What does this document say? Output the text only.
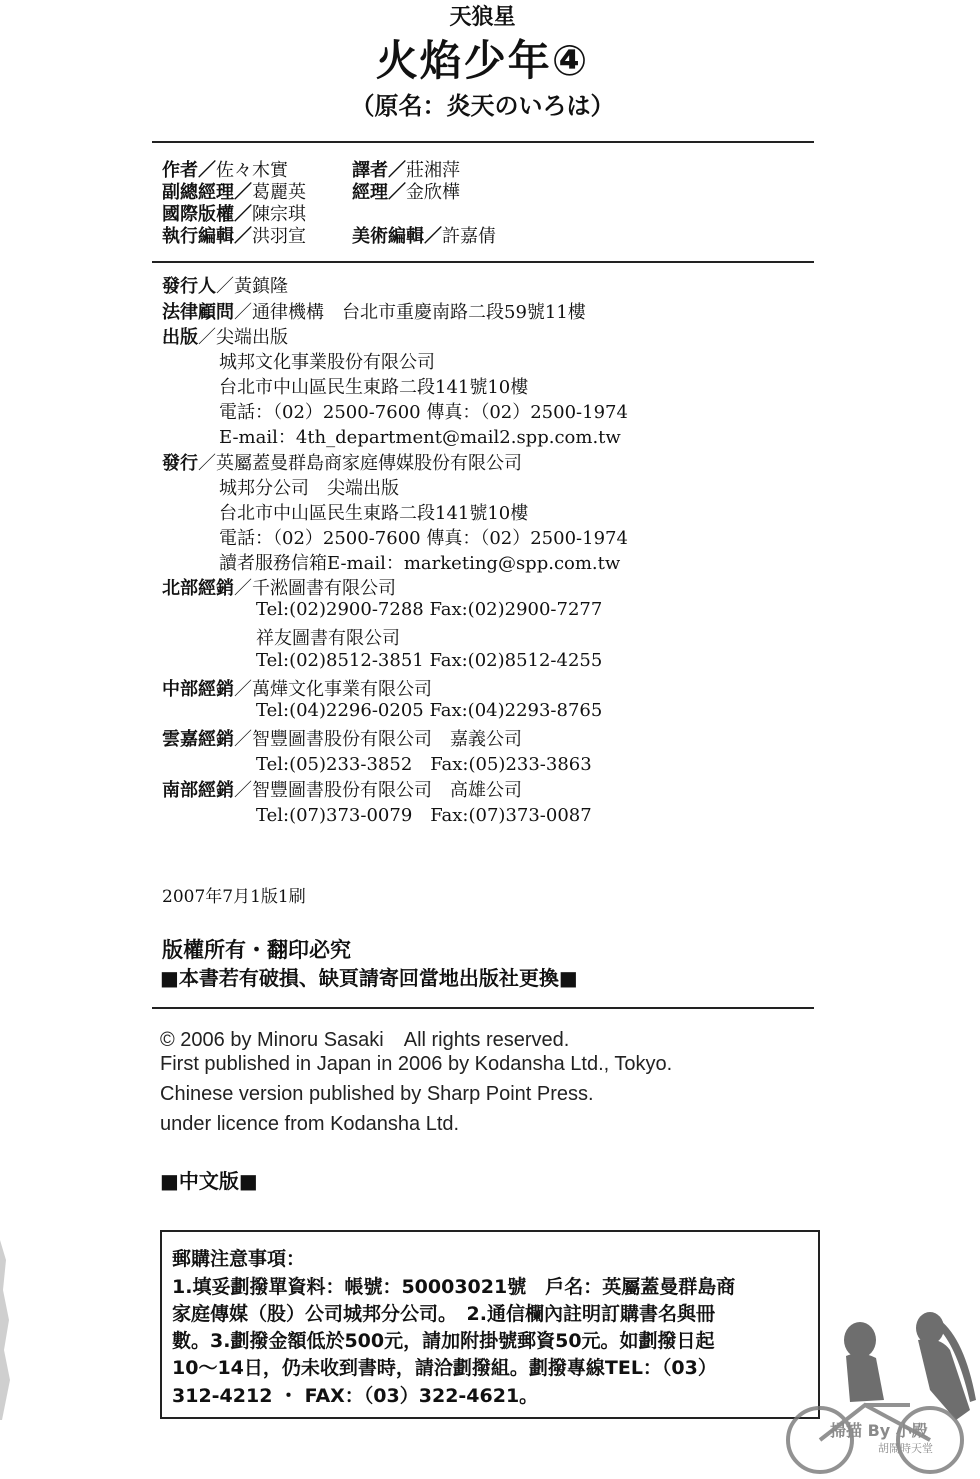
天狼星
火焰少年④
（原名：炎天のいろは）
作者／佐々木實	譯者／莊湘萍
副總經理／葛麗英	經理／金欣樺
國際版權／陳宗琪
執行編輯／洪羽宣	美術編輯／許嘉倩
發行人／黃鎮隆
法律顧問／通律機構　台北市重慶南路二段59號11樓
出版／尖端出版
城邦文化事業股份有限公司
台北市中山區民生東路二段141號10樓
電話：（02）2500-7600 傳真：（02）2500-1974
E-mail：4th_department@mail2.spp.com.tw
發行／英屬蓋曼群島商家庭傳媒股份有限公司
城邦分公司　尖端出版
台北市中山區民生東路二段141號10樓
電話：（02）2500-7600 傳真：（02）2500-1974
讀者服務信箱E-mail：marketing@spp.com.tw
北部經銷／千淞圖書有限公司
Tel:(02)2900-7288 Fax:(02)2900-7277
祥友圖書有限公司
Tel:(02)8512-3851 Fax:(02)8512-4255
中部經銷／萬燁文化事業有限公司
Tel:(04)2296-0205 Fax:(04)2293-8765
雲嘉經銷／智豐圖書股份有限公司　嘉義公司
Tel:(05)233-3852　Fax:(05)233-3863
南部經銷／智豐圖書股份有限公司　高雄公司
Tel:(07)373-0079　Fax:(07)373-0087
2007年7月1版1刷
版權所有・翻印必究
■本書若有破損、缺頁請寄回當地出版社更換■
© 2006 by Minoru Sasaki　All rights reserved.
First published in Japan in 2006 by Kodansha Ltd., Tokyo.
Chinese version published by Sharp Point Press.
under licence from Kodansha Ltd.
■中文版■
郵購注意事項：
1.填妥劃撥單資料：帳號：50003021號　戶名：英屬蓋曼群島商
家庭傳媒（股）公司城邦分公司。　2.通信欄內註明訂購書名與冊
數。3.劃撥金額低於500元，請加附掛號郵資50元。如劃撥日起
10～14日，仍未收到書時，請洽劃撥組。劃撥專線TEL：（03）
312-4212 ・ FAX：（03）322-4621。
掃描 By 小殿
胡鬧時天堂
